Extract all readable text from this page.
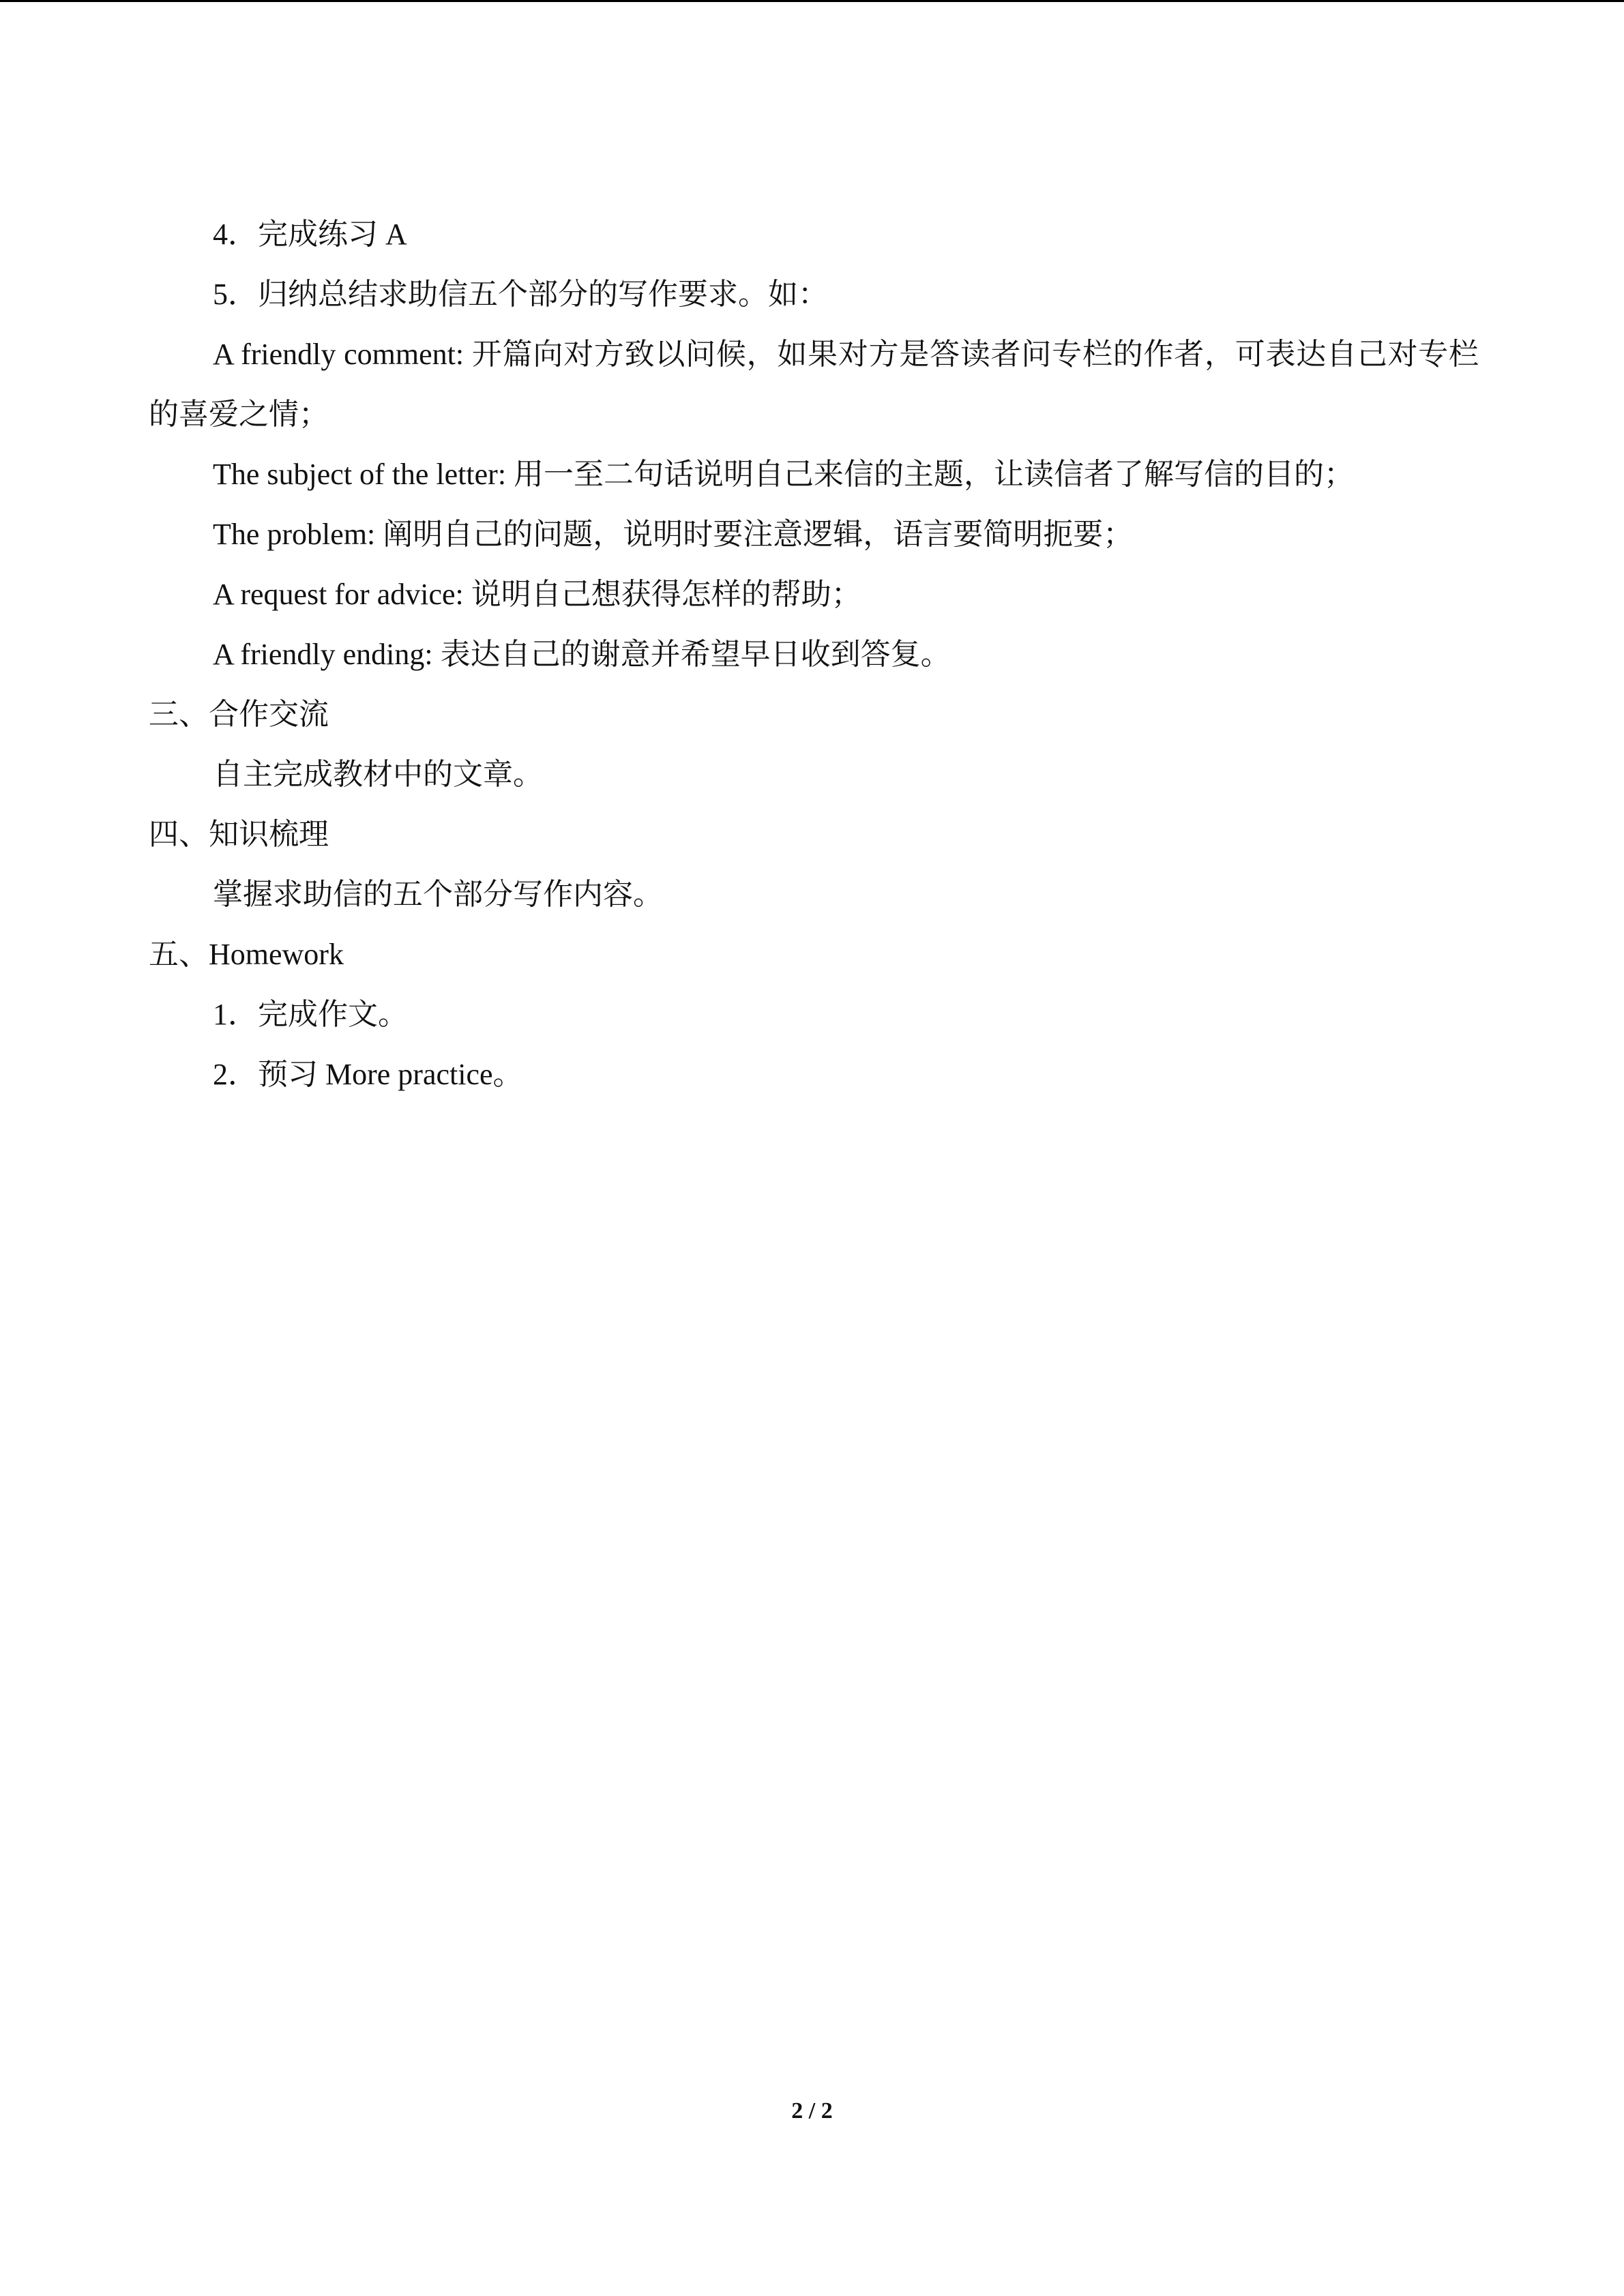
4．完成练习 A
5．归纳总结求助信五个部分的写作要求。如：
A friendly comment: 开篇向对方致以问候，如果对方是答读者问专栏的作者，可表达自己对专栏的喜爱之情；
The subject of the letter: 用一至二句话说明自己来信的主题，让读信者了解写信的目的；
The problem: 阐明自己的问题，说明时要注意逻辑，语言要简明扼要；
A request for advice: 说明自己想获得怎样的帮助；
A friendly ending: 表达自己的谢意并希望早日收到答复。
三、合作交流
自主完成教材中的文章。
四、知识梳理
掌握求助信的五个部分写作内容。
五、Homework
1．完成作文。
2．预习 More practice。
2 / 2
